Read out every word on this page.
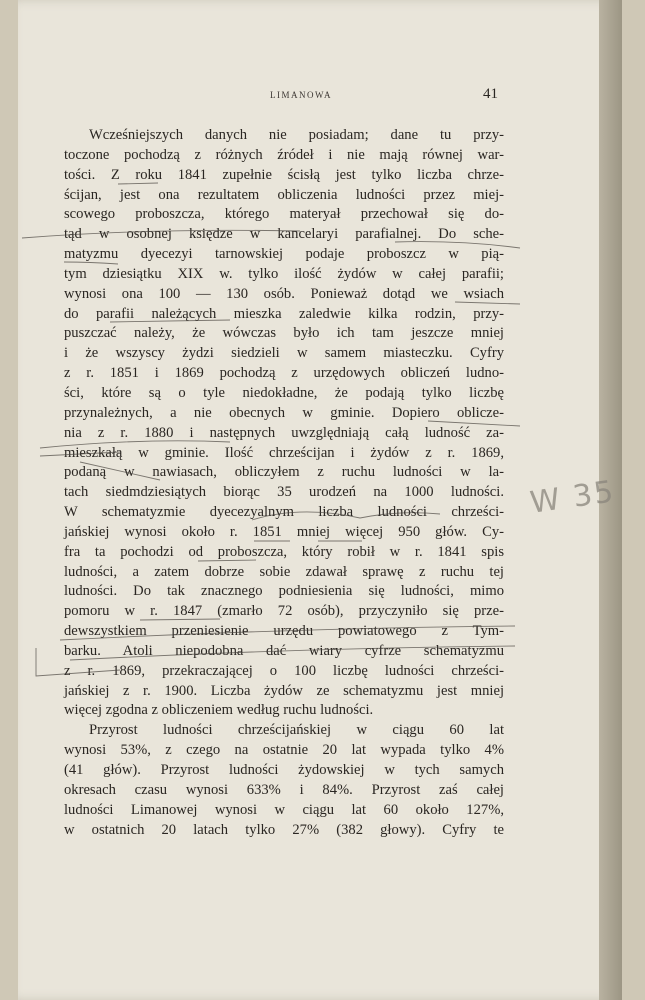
LIMANOWA	41
Wcześniejszych danych nie posiadam; dane tu przy-
toczone pochodzą z różnych źródeł i nie mają równej war-
tości. Z roku 1841 zupełnie ścisłą jest tylko liczba chrze-
ścijan, jest ona rezultatem obliczenia ludności przez miej-
scowego proboszcza, którego materyał przechował się do-
tąd w osobnej księdze w kancelaryi parafialnej. Do sche-
matyzmu dyecezyi tarnowskiej podaje proboszcz w pią-
tym dziesiątku XIX w. tylko ilość żydów w całej parafii;
wynosi ona 100 — 130 osób. Ponieważ dotąd we wsiach
do parafii należących mieszka zaledwie kilka rodzin, przy-
puszczać należy, że wówczas było ich tam jeszcze mniej
i że wszyscy żydzi siedzieli w samem miasteczku. Cyfry
z r. 1851 i 1869 pochodzą z urzędowych obliczeń ludno-
ści, które są o tyle niedokładne, że podają tylko liczbę
przynależnych, a nie obecnych w gminie. Dopiero oblicze-
nia z r. 1880 i następnych uwzględniają całą ludność za-
mieszkałą w gminie. Ilość chrześcijan i żydów z r. 1869,
podaną w nawiasach, obliczyłem z ruchu ludności w la-
tach siedmdziesiątych biorąc 35 urodzeń na 1000 ludności.
W schematyzmie dyecezyalnym liczba ludności chrześci-
jańskiej wynosi około r. 1851 mniej więcej 950 głów. Cy-
fra ta pochodzi od proboszcza, który robił w r. 1841 spis
ludności, a zatem dobrze sobie zdawał sprawę z ruchu tej
ludności. Do tak znacznego podniesienia się ludności, mimo
pomoru w r. 1847 (zmarło 72 osób), przyczyniło się prze-
dewszystkiem przeniesienie urzędu powiatowego z Tym-
barku. Atoli niepodobna dać wiary cyfrze schematyzmu
z r. 1869, przekraczającej o 100 liczbę ludności chrześci-
jańskiej z r. 1900. Liczba żydów ze schematyzmu jest mniej
więcej zgodna z obliczeniem według ruchu ludności.
Przyrost ludności chrześcijańskiej w ciągu 60 lat
wynosi 53%, z czego na ostatnie 20 lat wypada tylko 4%
(41 głów). Przyrost ludności żydowskiej w tych samych
okresach czasu wynosi 633% i 84%. Przyrost zaś całej
ludności Limanowej wynosi w ciągu lat 60 około 127%,
w ostatnich 20 latach tylko 27% (382 głowy). Cyfry te
W 35
